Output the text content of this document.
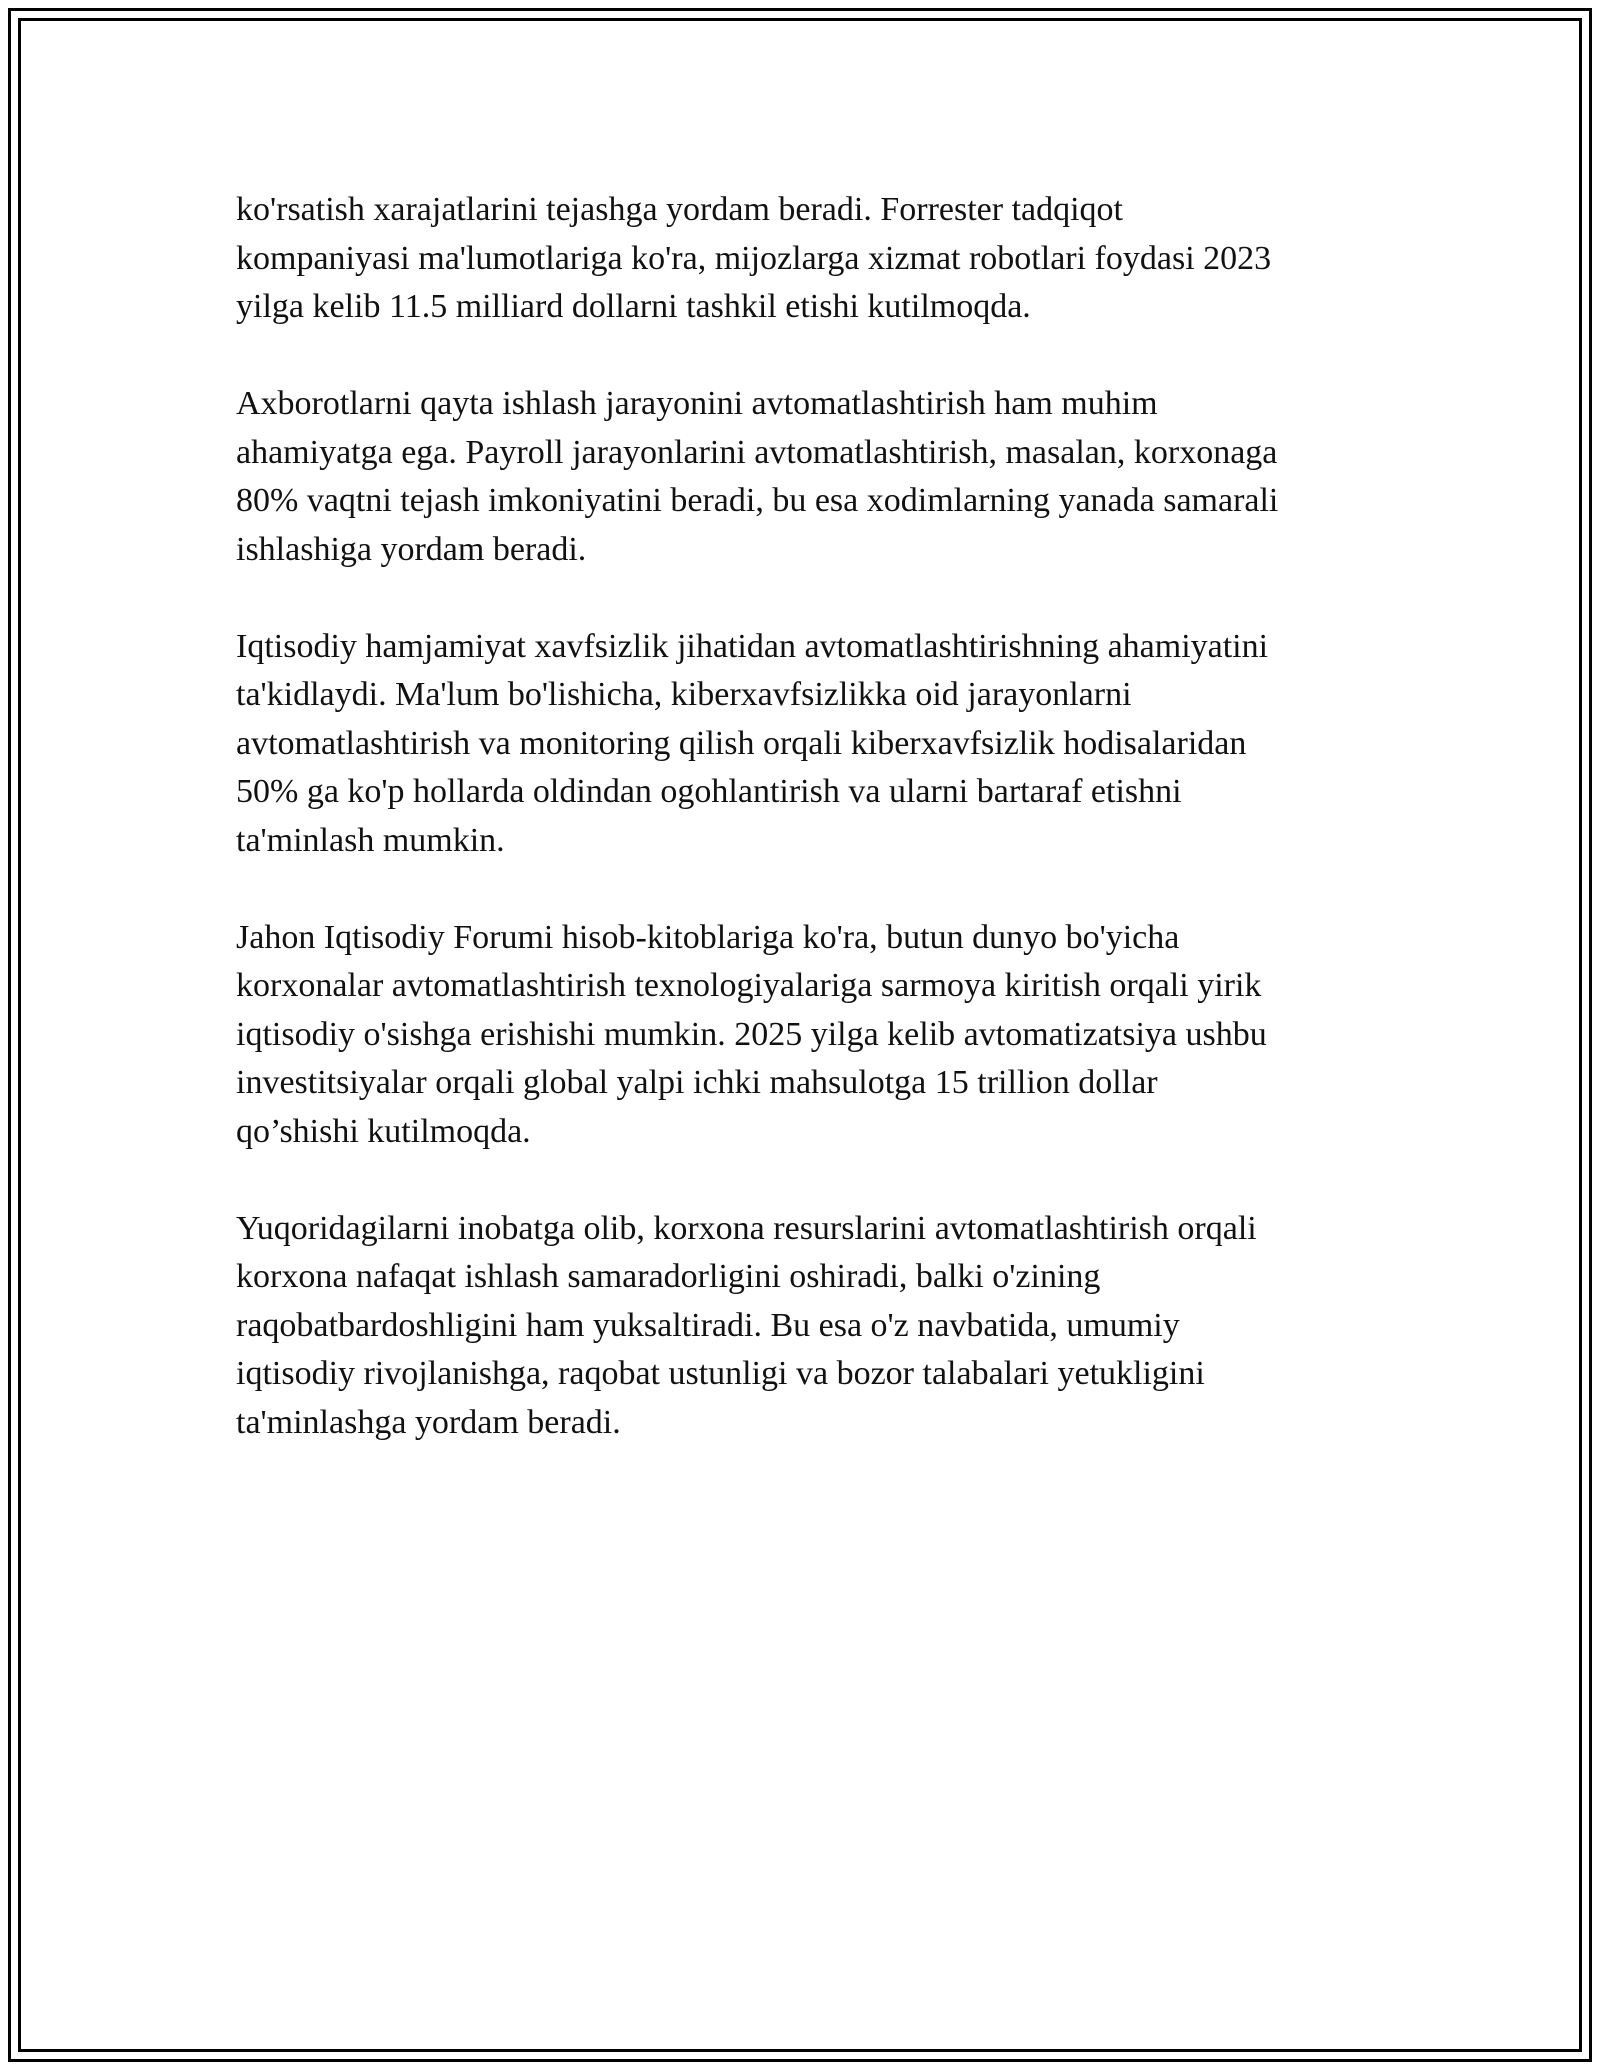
ko'rsatish xarajatlarini tejashga yordam beradi. Forrester tadqiqot
kompaniyasi ma'lumotlariga ko'ra, mijozlarga xizmat robotlari foydasi 2023
yilga kelib 11.5 milliard dollarni tashkil etishi kutilmoqda.

Axborotlarni qayta ishlash jarayonini avtomatlashtirish ham muhim
ahamiyatga ega. Payroll jarayonlarini avtomatlashtirish, masalan, korxonaga
80% vaqtni tejash imkoniyatini beradi, bu esa xodimlarning yanada samarali
ishlashiga yordam beradi.

Iqtisodiy hamjamiyat xavfsizlik jihatidan avtomatlashtirishning ahamiyatini
ta'kidlaydi. Ma'lum bo'lishicha, kiberxavfsizlikka oid jarayonlarni
avtomatlashtirish va monitoring qilish orqali kiberxavfsizlik hodisalaridan
50% ga ko'p hollarda oldindan ogohlantirish va ularni bartaraf etishni
ta'minlash mumkin.

Jahon Iqtisodiy Forumi hisob-kitoblariga ko'ra, butun dunyo bo'yicha
korxonalar avtomatlashtirish texnologiyalariga sarmoya kiritish orqali yirik
iqtisodiy o'sishga erishishi mumkin. 2025 yilga kelib avtomatizatsiya ushbu
investitsiyalar orqali global yalpi ichki mahsulotga 15 trillion dollar
qo’shishi kutilmoqda.

Yuqoridagilarni inobatga olib, korxona resurslarini avtomatlashtirish orqali
korxona nafaqat ishlash samaradorligini oshiradi, balki o'zining
raqobatbardoshligini ham yuksaltiradi. Bu esa o'z navbatida, umumiy
iqtisodiy rivojlanishga, raqobat ustunligi va bozor talabalari yetukligini
ta'minlashga yordam beradi.
